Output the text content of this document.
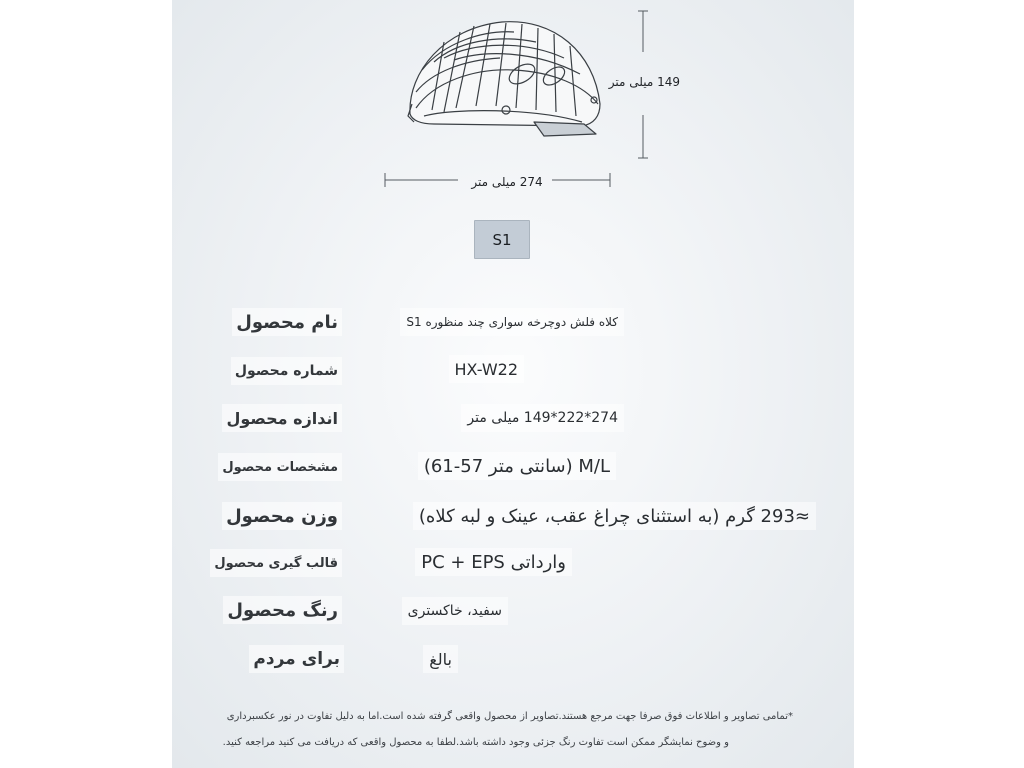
149 میلی متر
274 میلی متر
S1
نام محصول	کلاه فلش دوچرخه سواری چند منظوره S1
شماره محصول	HX-W22
اندازه محصول	274*222*149 میلی متر
مشخصات محصول	M/L (سانتی متر 57-61)
وزن محصول	≈293 گرم (به استثنای چراغ عقب، عینک و لبه کلاه)
قالب گیری محصول	وارداتی PC + EPS
رنگ محصول	سفید، خاکستری
برای مردم	بالغ
*تمامی تصاویر و اطلاعات فوق صرفا جهت مرجع هستند.تصاویر از محصول واقعی گرفته شده است.اما به دلیل تفاوت در نور عکسبرداری
و وضوح نمایشگر ممکن است تفاوت رنگ جزئی وجود داشته باشد.لطفا به محصول واقعی که دریافت می کنید مراجعه کنید.
